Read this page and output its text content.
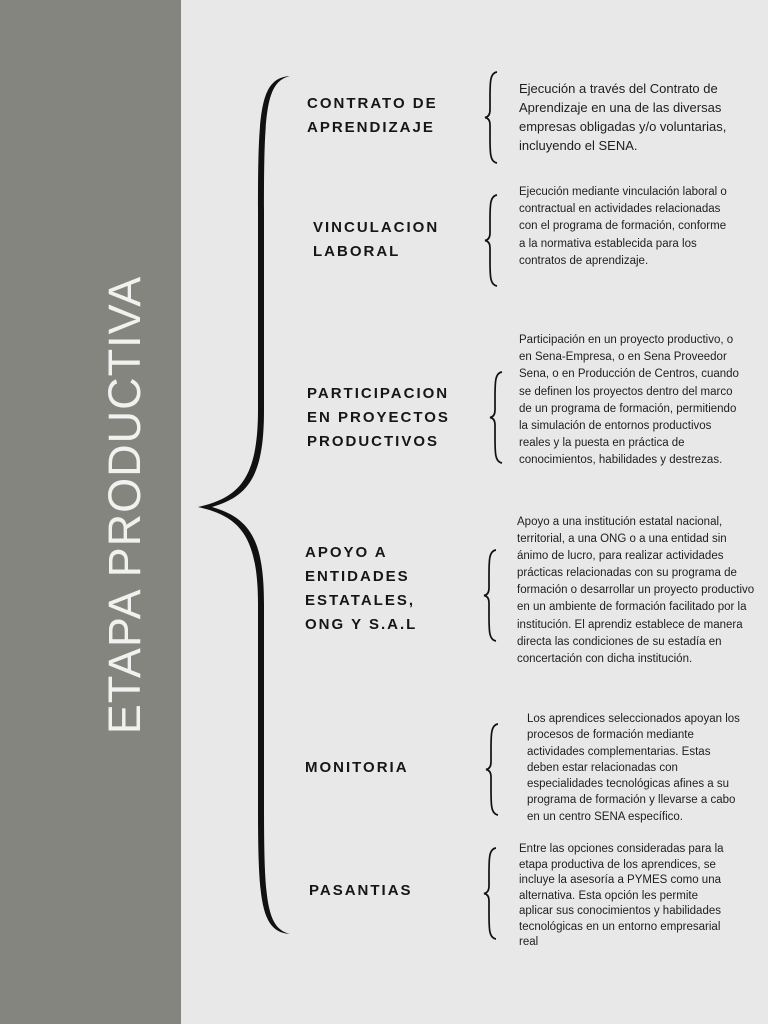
ETAPA PRODUCTIVA
CONTRATO DE
APRENDIZAJE
Ejecución a través del Contrato de Aprendizaje en una de las diversas empresas obligadas y/o voluntarias, incluyendo el SENA.
VINCULACION
LABORAL
Ejecución mediante vinculación laboral o contractual en actividades relacionadas con el programa de formación, conforme a la normativa establecida para los contratos de aprendizaje.
PARTICIPACION
EN PROYECTOS
PRODUCTIVOS
Participación en un proyecto productivo, o en Sena-Empresa, o en Sena Proveedor Sena, o en Producción de Centros, cuando se definen los proyectos dentro del marco de un programa de formación, permitiendo la simulación de entornos productivos reales y la puesta en práctica de conocimientos, habilidades y destrezas.
APOYO A
ENTIDADES
ESTATALES,
ONG Y S.A.L
Apoyo a una institución estatal nacional, territorial, a una ONG o a una entidad sin ánimo de lucro, para realizar actividades prácticas relacionadas con su programa de formación o desarrollar un proyecto productivo en un ambiente de formación facilitado por la institución. El aprendiz establece de manera directa las condiciones de su estadía en concertación con dicha institución.
MONITORIA
Los aprendices seleccionados apoyan los procesos de formación mediante actividades complementarias. Estas deben estar relacionadas con especialidades tecnológicas afines a su programa de formación y llevarse a cabo en un centro SENA específico.
PASANTIAS
Entre las opciones consideradas para la etapa productiva de los aprendices, se incluye la asesoría a PYMES como una alternativa. Esta opción les permite aplicar sus conocimientos y habilidades tecnológicas en un entorno empresarial real
